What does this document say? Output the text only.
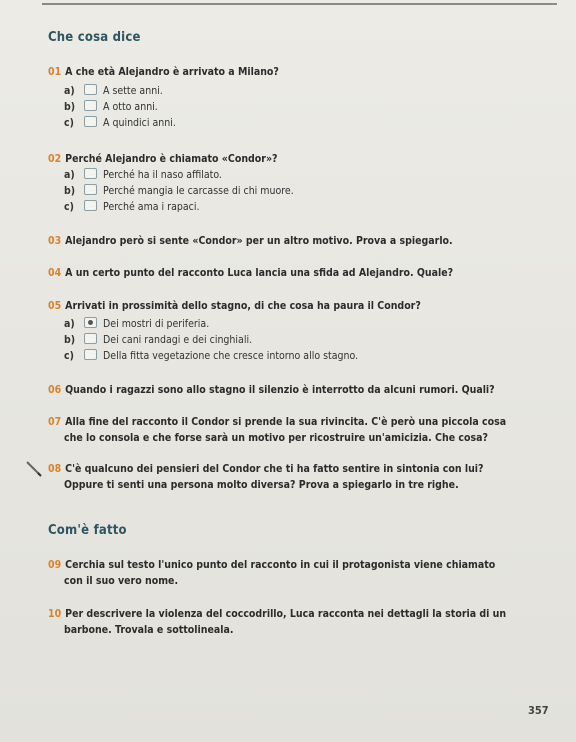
Che cosa dice
01 A che età Alejandro è arrivato a Milano?
a)	A sette anni.
b)	A otto anni.
c)	A quindici anni.
02 Perché Alejandro è chiamato «Condor»?
a)	Perché ha il naso affilato.
b)	Perché mangia le carcasse di chi muore.
c)	Perché ama i rapaci.
03 Alejandro però si sente «Condor» per un altro motivo. Prova a spiegarlo.
04 A un certo punto del racconto Luca lancia una sfida ad Alejandro. Quale?
05 Arrivati in prossimità dello stagno, di che cosa ha paura il Condor?
a)	Dei mostri di periferia.
b)	Dei cani randagi e dei cinghiali.
c)	Della fitta vegetazione che cresce intorno allo stagno.
06 Quando i ragazzi sono allo stagno il silenzio è interrotto da alcuni rumori. Quali?
07 Alla fine del racconto il Condor si prende la sua rivincita. C'è però una piccola cosa
che lo consola e che forse sarà un motivo per ricostruire un'amicizia. Che cosa?
08 C'è qualcuno dei pensieri del Condor che ti ha fatto sentire in sintonia con lui?
Oppure ti senti una persona molto diversa? Prova a spiegarlo in tre righe.
Com'è fatto
09 Cerchia sul testo l'unico punto del racconto in cui il protagonista viene chiamato
con il suo vero nome.
10 Per descrivere la violenza del coccodrillo, Luca racconta nei dettagli la storia di un
barbone. Trovala e sottolineala.
357
